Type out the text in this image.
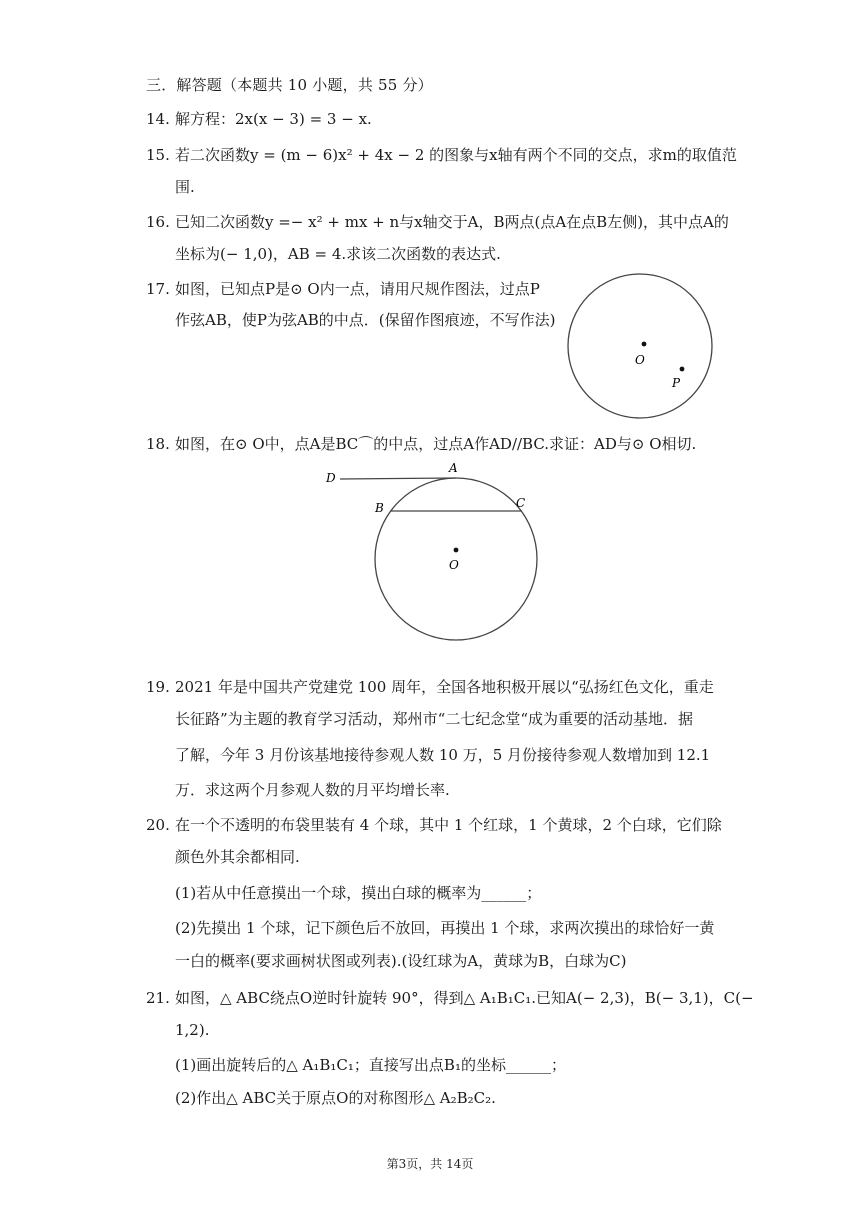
三．解答题（本题共 10 小题，共 55 分）
14. 解方程：2x(x − 3) = 3 − x.
15. 若二次函数y = (m − 6)x² + 4x − 2 的图象与x轴有两个不同的交点，求m的取值范
围.
16. 已知二次函数y =− x² + mx + n与x轴交于A，B两点(点A在点B左侧)，其中点A的
坐标为(− 1,0)，AB = 4.求该二次函数的表达式.
17. 如图，已知点P是⊙ O内一点，请用尺规作图法，过点P
作弦AB，使P为弦AB的中点．(保留作图痕迹，不写作法)
O
P
18. 如图，在⊙ O中，点A是BC⌒的中点，过点A作AD//BC.求证：AD与⊙ O相切.
D
A
B	C
O
19. 2021 年是中国共产党建党 100 周年，全国各地积极开展以“弘扬红色文化，重走
长征路”为主题的教育学习活动，郑州市“二七纪念堂“成为重要的活动基地．据
了解，今年 3 月份该基地接待参观人数 10 万，5 月份接待参观人数增加到 12.1
万．求这两个月参观人数的月平均增长率.
20. 在一个不透明的布袋里装有 4 个球，其中 1 个红球，1 个黄球，2 个白球，它们除
颜色外其余都相同.
(1)若从中任意摸出一个球，摸出白球的概率为______；
(2)先摸出 1 个球，记下颜色后不放回，再摸出 1 个球，求两次摸出的球恰好一黄
一白的概率(要求画树状图或列表).(设红球为A，黄球为B，白球为C)
21. 如图，△ ABC绕点O逆时针旋转 90°，得到△ A₁B₁C₁.已知A(− 2,3)，B(− 3,1)，C(−
1,2).
(1)画出旋转后的△ A₁B₁C₁；直接写出点B₁的坐标______；
(2)作出△ ABC关于原点O的对称图形△ A₂B₂C₂.
第3页，共 14页
